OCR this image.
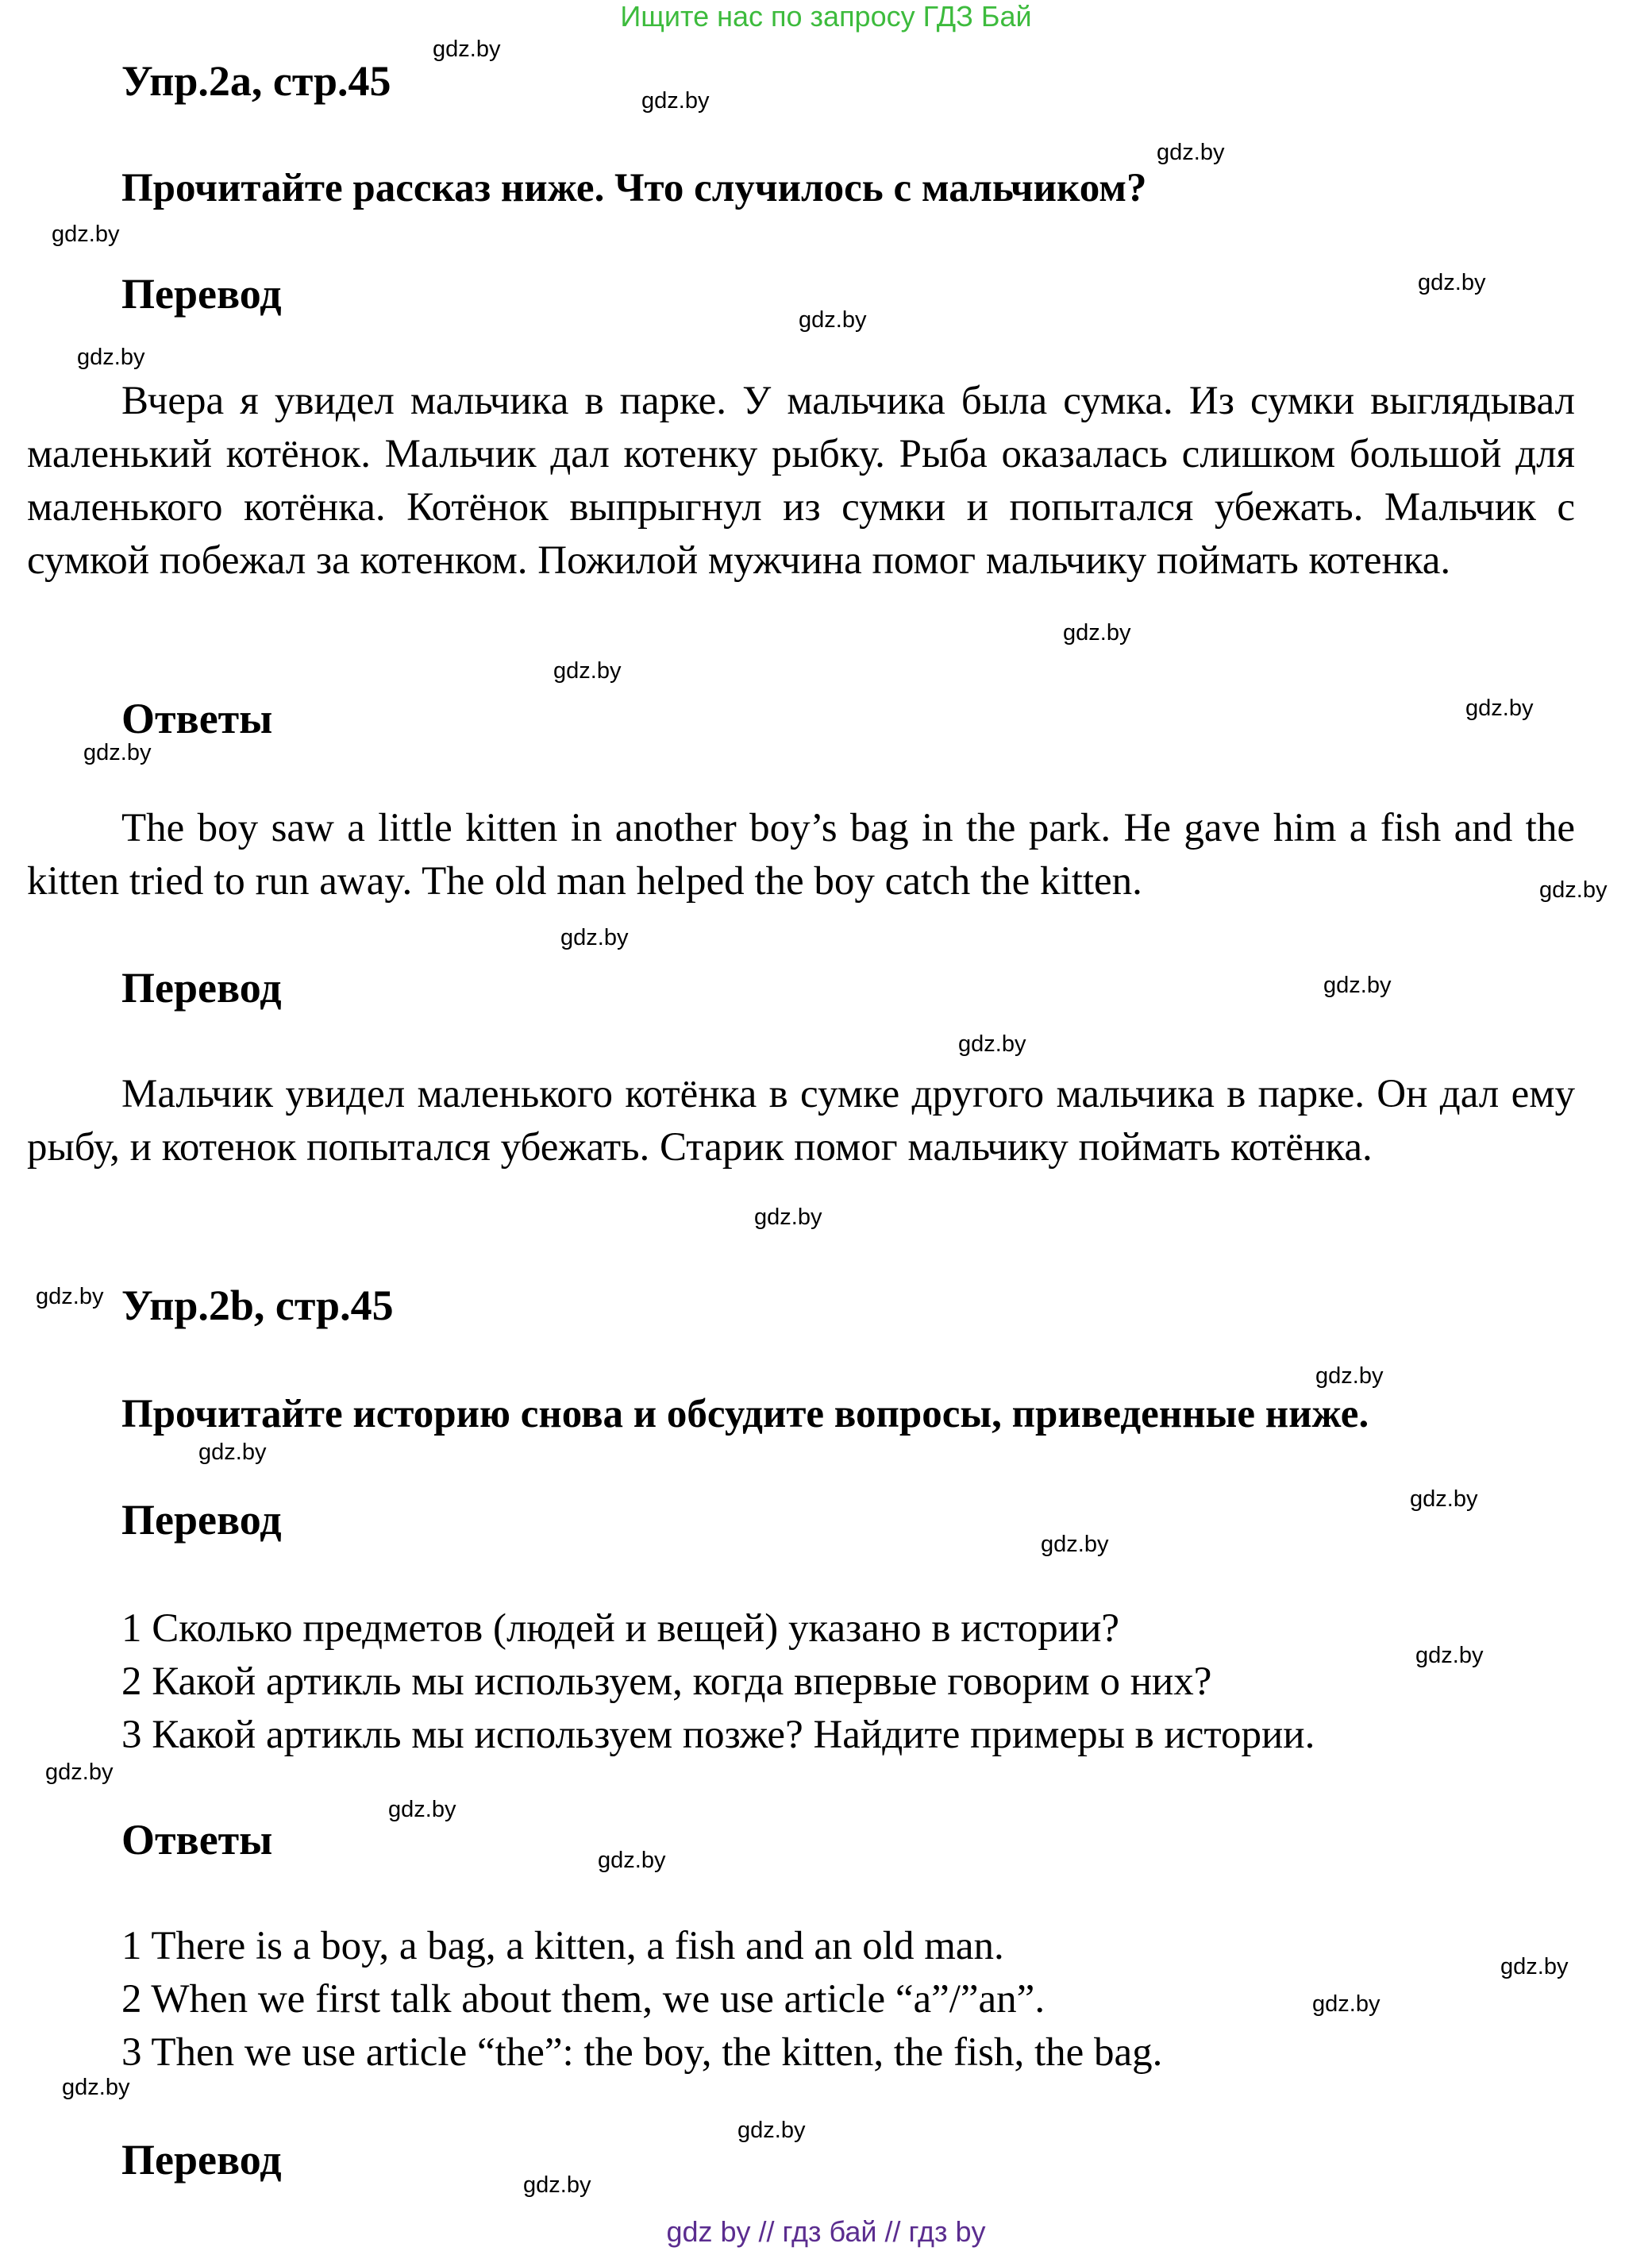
Ищите нас по запросу ГДЗ Бай
Упр.2a, стр.45
Прочитайте рассказ ниже. Что случилось с мальчиком?
Перевод

Вчера я увидел мальчика в парке. У мальчика была сумка. Из сумки выглядывал маленький котёнок. Мальчик дал котенку рыбку. Рыба оказалась слишком большой для маленького котёнка. Котёнок выпрыгнул из сумки и попытался убежать. Мальчик с сумкой побежал за котенком. Пожилой мужчина помог мальчику поймать котенка.

Ответы

The boy saw a little kitten in another boy’s bag in the park. He gave him a fish and the kitten tried to run away. The old man helped the boy catch the kitten.

Перевод

Мальчик увидел маленького котёнка в сумке другого мальчика в парке. Он дал ему рыбу, и котенок попытался убежать. Старик помог мальчику поймать котёнка.

Упр.2b, стр.45
Прочитайте историю снова и обсудите вопросы, приведенные ниже.
Перевод
1 Сколько предметов (людей и вещей) указано в истории?
2 Какой артикль мы используем, когда впервые говорим о них?
3 Какой артикль мы используем позже? Найдите примеры в истории.
Ответы
1 There is a boy, a bag, a kitten, a fish and an old man.
2 When we first talk about them, we use article “a”/”an”.
3 Then we use article “the”: the boy, the kitten, the fish, the bag.
Перевод
gdz.by
gdz.by
gdz.by
gdz.by
gdz.by
gdz.by
gdz.by
gdz.by
gdz.by
gdz.by
gdz.by
gdz.by
gdz.by
gdz.by
gdz.by
gdz.by
gdz.by
gdz.by
gdz.by
gdz.by
gdz.by
gdz.by
gdz.by
gdz.by
gdz.by
gdz.by
gdz.by
gdz.by
gdz.by
gdz.by
gdz by // гдз бай // гдз by
